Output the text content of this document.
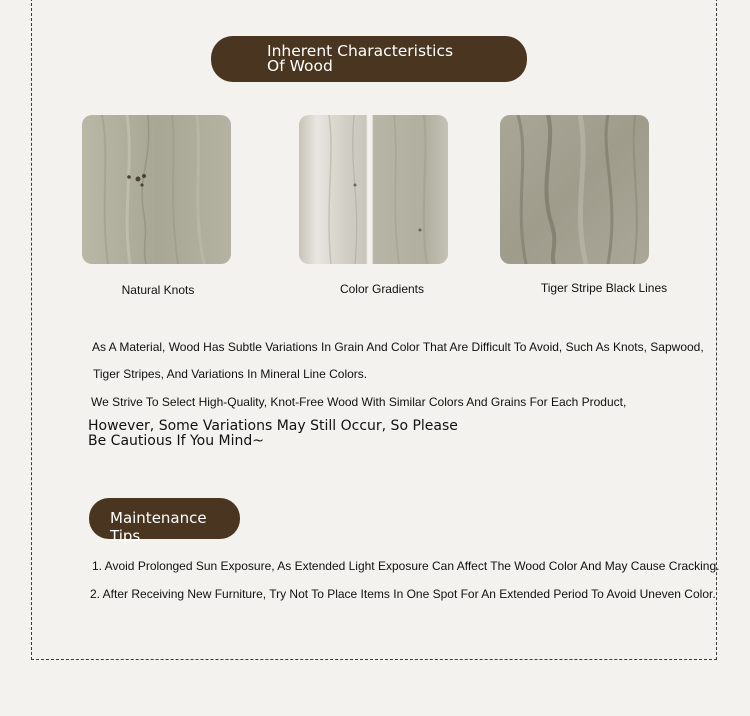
Inherent Characteristics
Of Wood
Natural Knots	Color Gradients	Tiger Stripe Black Lines
As A Material, Wood Has Subtle Variations In Grain And Color That Are Difficult To Avoid, Such As Knots, Sapwood,
Tiger Stripes, And Variations In Mineral Line Colors.
We Strive To Select High-Quality, Knot-Free Wood With Similar Colors And Grains For Each Product,
However, Some Variations May Still Occur, So Please
Be Cautious If You Mind~
Maintenance Tips
1. Avoid Prolonged Sun Exposure, As Extended Light Exposure Can Affect The Wood Color And May Cause Cracking.
2. After Receiving New Furniture, Try Not To Place Items In One Spot For An Extended Period To Avoid Uneven Color.
